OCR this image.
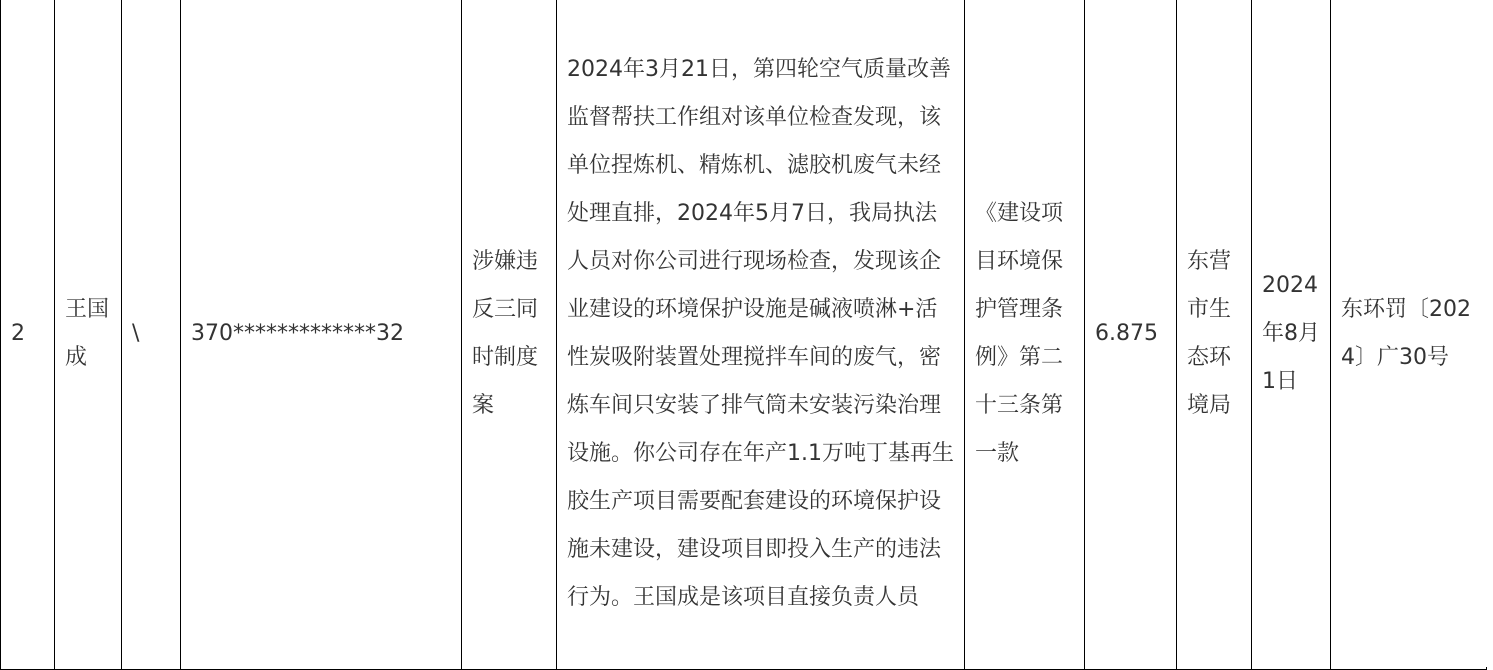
2	王国成	\	370*************32	涉嫌违反三同时制度案	2024年3月21日，第四轮空气质量改善监督帮扶工作组对该单位检查发现，该单位捏炼机、精炼机、滤胶机废气未经处理直排，2024年5月7日，我局执法人员对你公司进行现场检查，发现该企业建设的环境保护设施是碱液喷淋+活性炭吸附装置处理搅拌车间的废气，密炼车间只安装了排气筒未安装污染治理设施。你公司存在年产1.1万吨丁基再生胶生产项目需要配套建设的环境保护设施未建设，建设项目即投入生产的违法行为。王国成是该项目直接负责人员	《建设项目环境保护管理条例》第二十三条第一款	6.875	东营市生态环境局	2024年8月1日	东环罚〔2024〕广30号
